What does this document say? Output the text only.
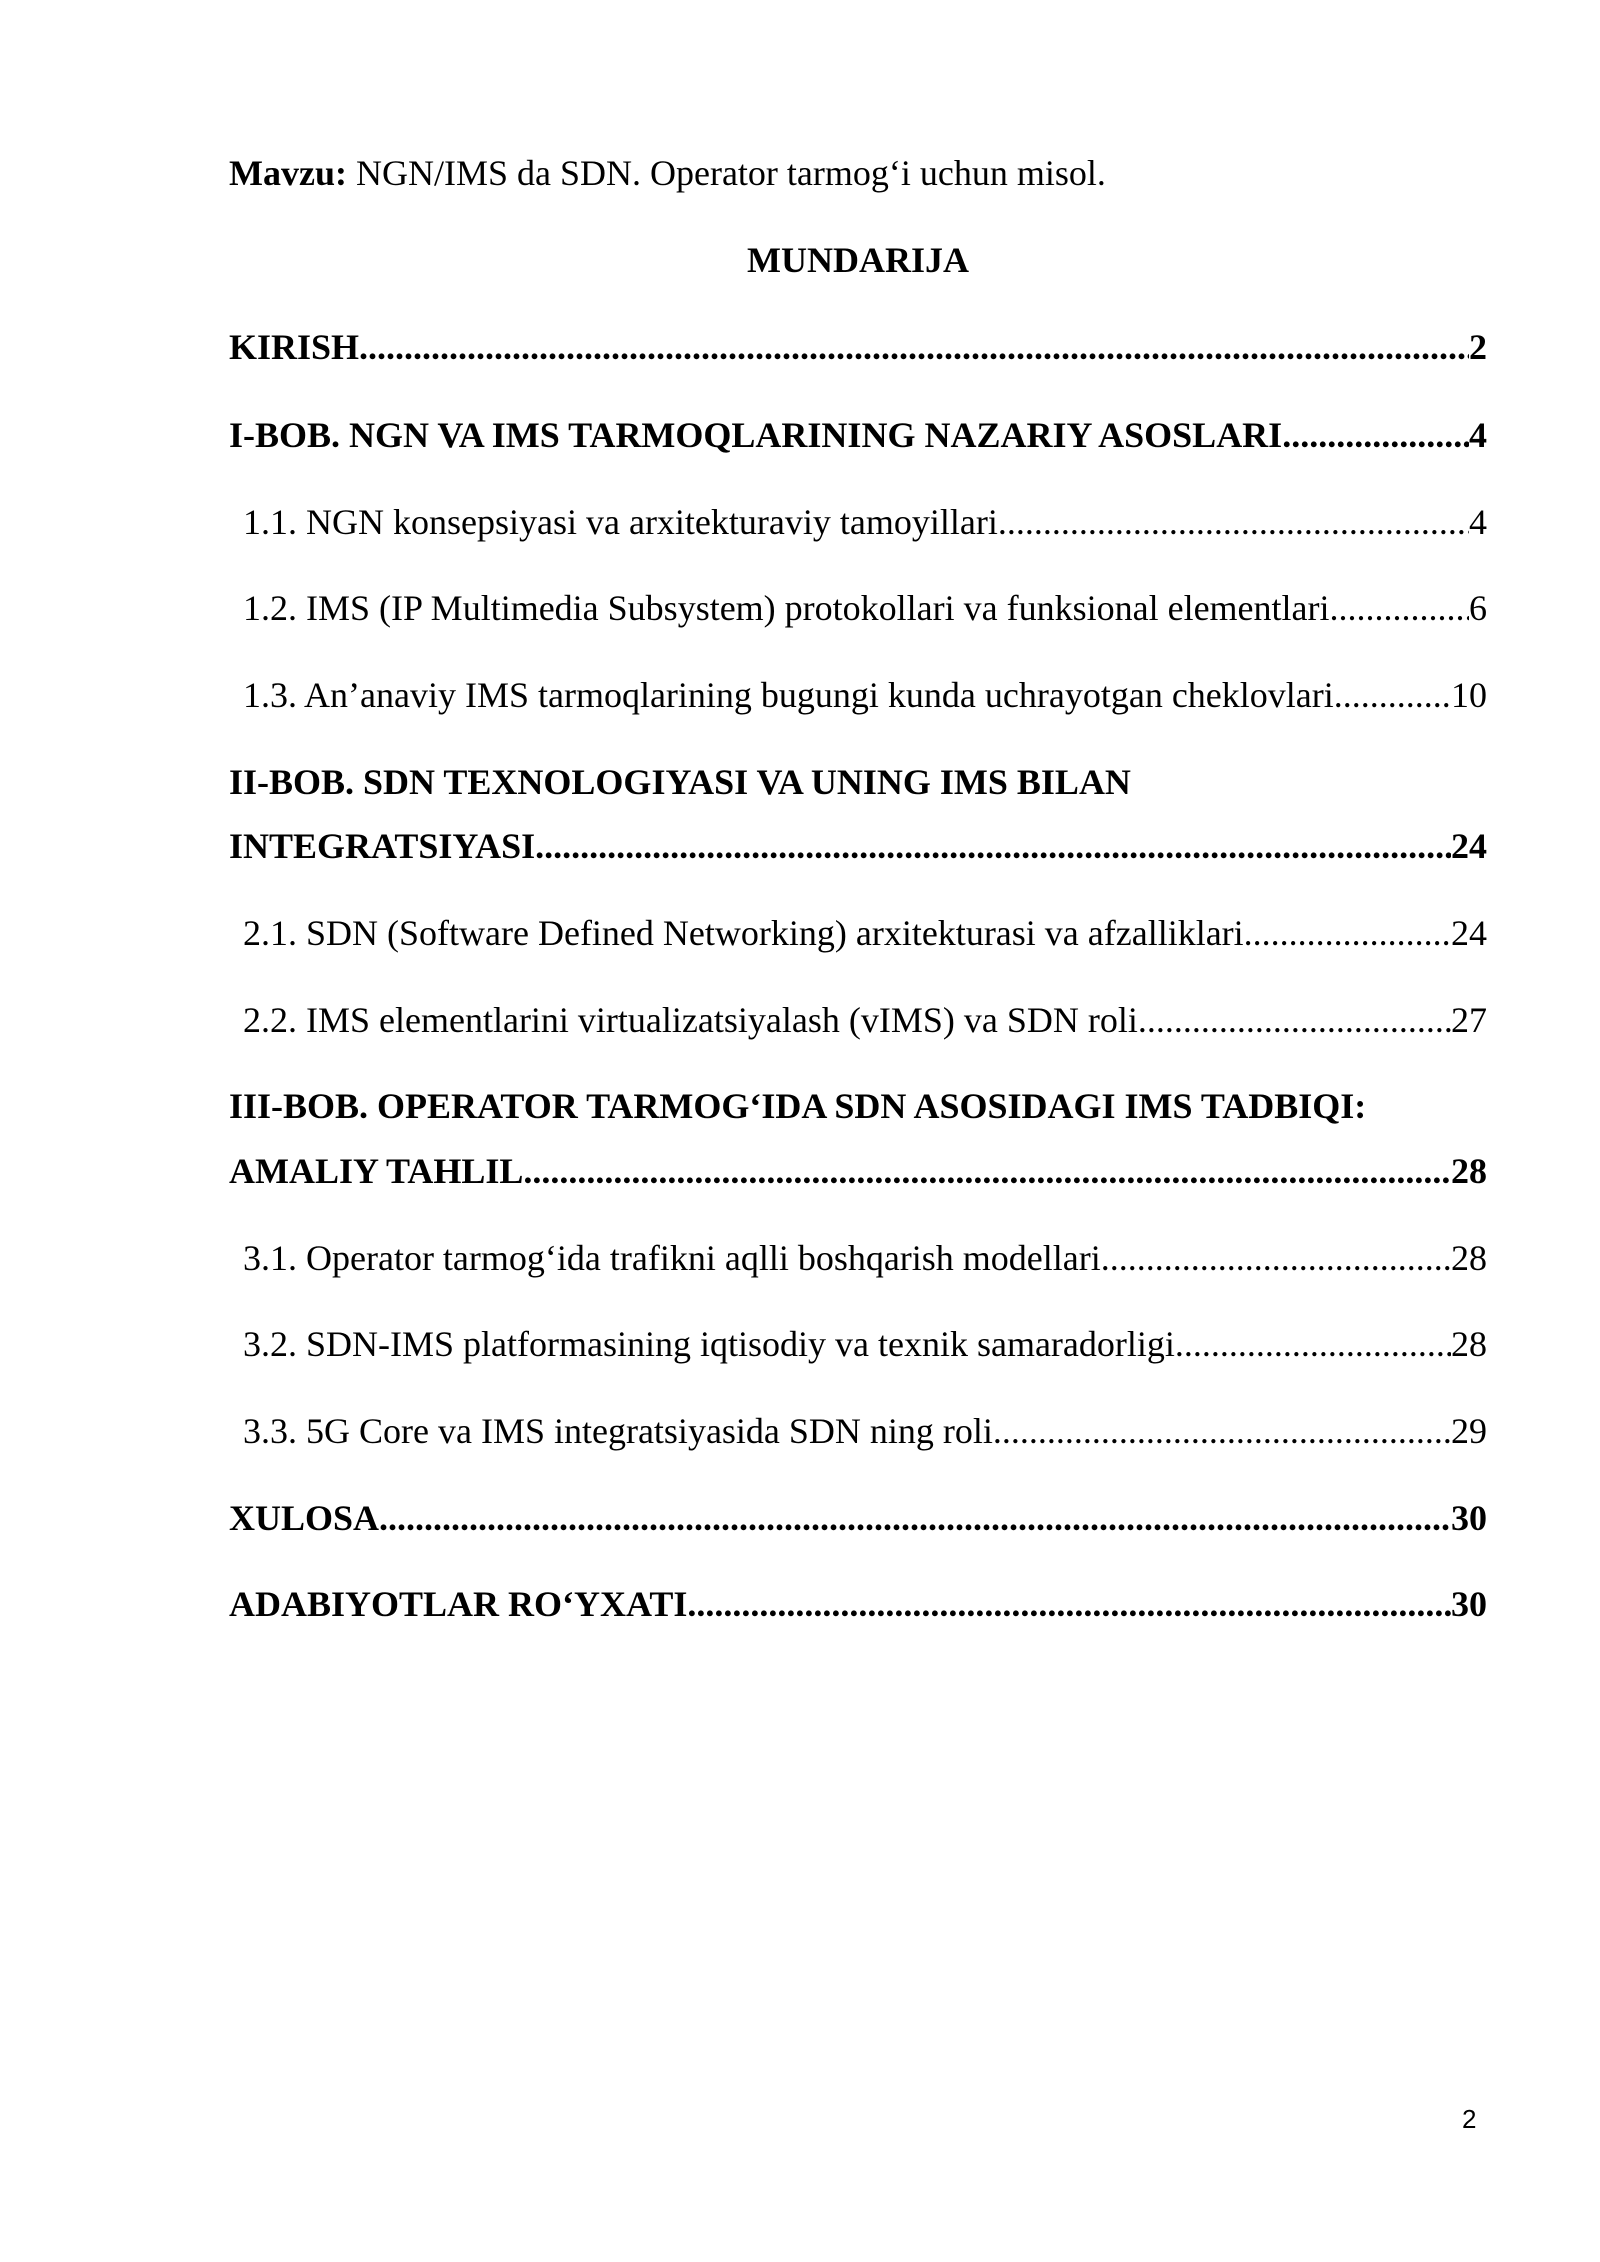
Mavzu: NGN/IMS da SDN. Operator tarmog‘i uchun misol.
MUNDARIJA
KIRISH .....	2
I-BOB. NGN VA IMS TARMOQLARINING NAZARIY ASOSLARI .....	4
1.1. NGN konsepsiyasi va arxitekturaviy tamoyillari .....	4
1.2. IMS (IP Multimedia Subsystem) protokollari va funksional elementlari .....	6
1.3. An’anaviy IMS tarmoqlarining bugungi kunda uchrayotgan cheklovlari .....	10
II-BOB. SDN TEXNOLOGIYASI VA UNING IMS BILAN
INTEGRATSIYASI .....	24
2.1. SDN (Software Defined Networking) arxitekturasi va afzalliklari .....	24
2.2. IMS elementlarini virtualizatsiyalash (vIMS) va SDN roli .....	27
III-BOB. OPERATOR TARMOG‘IDA SDN ASOSIDAGI IMS TADBIQI:
AMALIY TAHLIL .....	28
3.1. Operator tarmog‘ida trafikni aqlli boshqarish modellari .....	28
3.2. SDN-IMS platformasining iqtisodiy va texnik samaradorligi .....	28
3.3. 5G Core va IMS integratsiyasida SDN ning roli .....	29
XULOSA .....	30
ADABIYOTLAR RO‘YXATI .....	30
2
